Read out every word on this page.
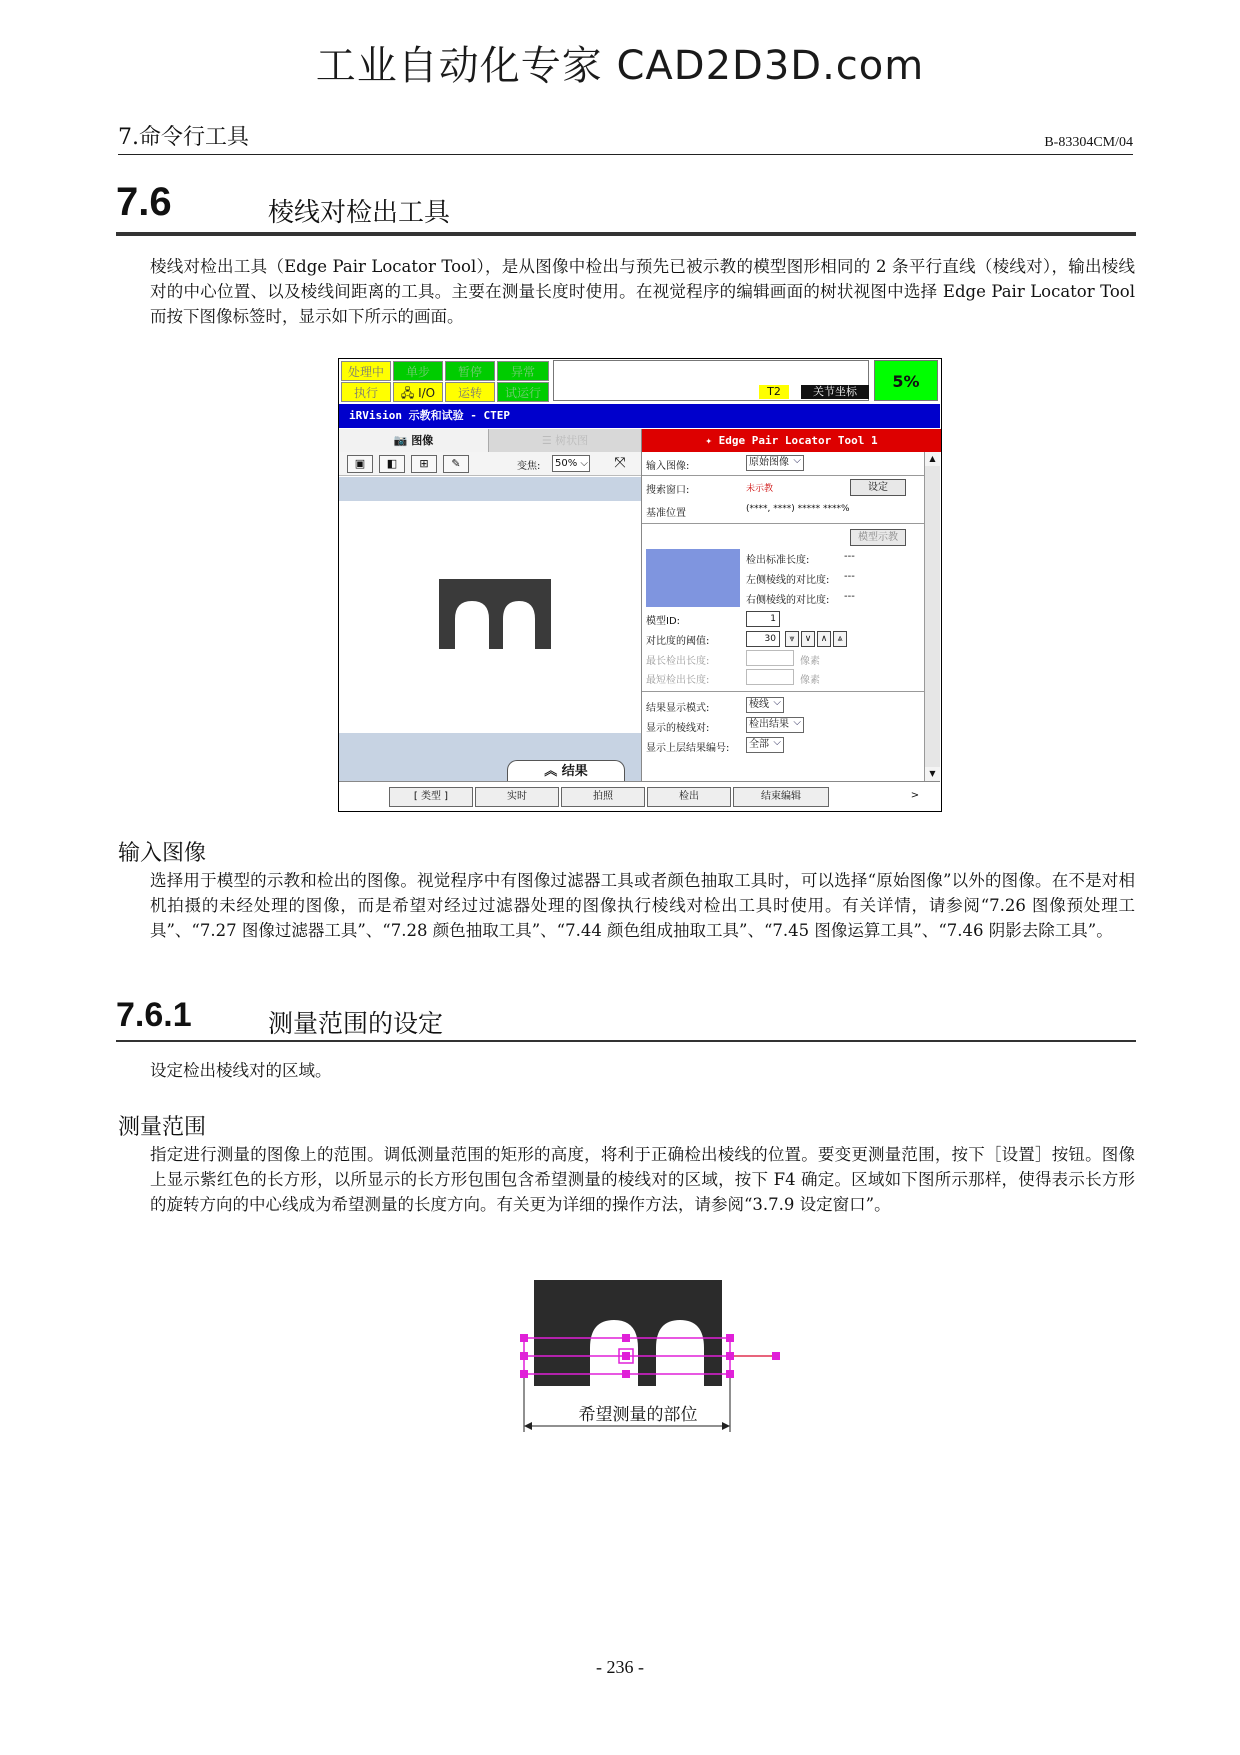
工业自动化专家 CAD2D3D.com
7.命令行工具	B-83304CM/04
7.6	棱线对检出工具

棱线对检出工具（Edge Pair Locator Tool），是从图像中检出与预先已被示教的模型图形相同的 2 条平行直线（棱线对），输出棱线对的中心位置、以及棱线间距离的工具。主要在测量长度时使用。在视觉程序的编辑画面的树状视图中选择 Edge Pair Locator Tool 而按下图像标签时，显示如下所示的画面。

处理中	单步	暂停	异常
执行	🖧 I/O	运转	试运行	T2	关节坐标
5%
iRVision 示教和试验 - CTEP
📷 图像	☰ 树状图
▣	◧	⊞	✎	变焦:	50% ⌵	⤧
︽ 结果
✦ Edge Pair Locator Tool 1
输入图像:	原始图像 ⌵
搜索窗口:	未示教	设定
基准位置	(****, ****) ***** ****%
模型示教
检出标准长度:	---
左侧棱线的对比度: ---
右侧棱线的对比度: ---
模型ID:	1
对比度的阈值:	30	⩔	∨	∧	⩓
最长检出长度:	像素
最短检出长度:	像素
结果显示模式:	棱线 ⌵
显示的棱线对:	检出结果 ⌵
显示上层结果编号:	全部 ⌵
▲
▼
[ 类型 ]	实时	拍照	检出	结束编辑	>
输入图像

选择用于模型的示教和检出的图像。视觉程序中有图像过滤器工具或者颜色抽取工具时，可以选择“原始图像”以外的图像。在不是对相机拍摄的未经处理的图像，而是希望对经过过滤器处理的图像执行棱线对检出工具时使用。有关详情，请参阅“7.26 图像预处理工具”、“7.27 图像过滤器工具”、“7.28 颜色抽取工具”、“7.44 颜色组成抽取工具”、“7.45 图像运算工具”、“7.46 阴影去除工具”。

7.6.1	测量范围的设定

设定检出棱线对的区域。

测量范围

指定进行测量的图像上的范围。调低测量范围的矩形的高度，将利于正确检出棱线的位置。要变更测量范围，按下［设置］按钮。图像上显示紫红色的长方形，以所显示的长方形包围包含希望测量的棱线对的区域，按下 F4 确定。区域如下图所示那样，使得表示长方形的旋转方向的中心线成为希望测量的长度方向。有关更为详细的操作方法，请参阅“3.7.9 设定窗口”。

希望测量的部位
- 236 -
